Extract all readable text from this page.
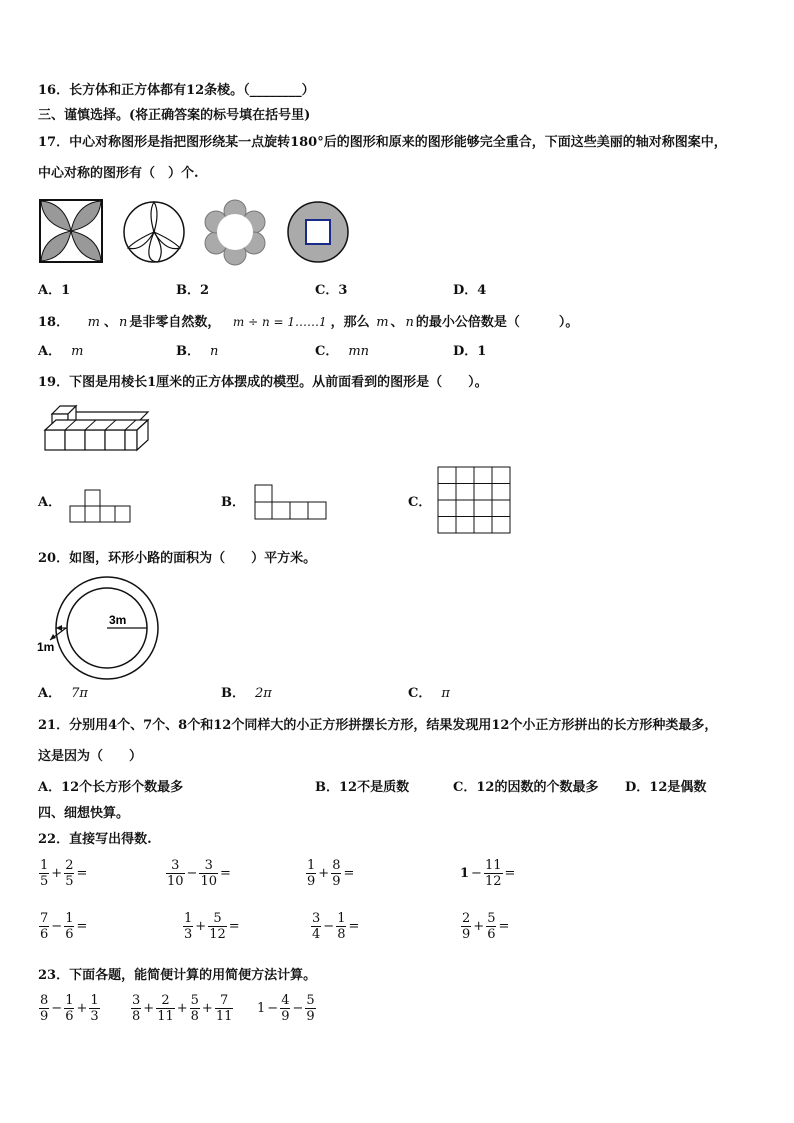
16．长方体和正方体都有12条棱。（________）
三、谨慎选择。(将正确答案的标号填在括号里)
17．中心对称图形是指把图形绕某一点旋转180°后的图形和原来的图形能够完全重合，下面这些美丽的轴对称图案中，
中心对称的图形有（　）个.
A．1	B．2	C．3	D．4
18． m 、 n 是非零自然数， m ÷ n = 1……1 ，那么 m 、 n 的最小公倍数是（　　　）。
A． m	B． n	C． mn	D．1
19．下图是用棱长1厘米的正方体摆成的模型。从前面看到的图形是（　　）。
A．	B．	C．
20．如图，环形小路的面积为（　　）平方米。
3m
1m
A． 7π	B． 2π	C． π
21．分别用4个、7个、8个和12个同样大的小正方形拼摆长方形，结果发现用12个小正方形拼出的长方形种类最多，
这是因为（　　）
A．12个长方形个数最多	B．12不是质数	C．12的因数的个数最多 D．12是偶数
四、细想快算。
22．直接写出得数.
$\frac{1}{5} + \frac{2}{5}$ =	$\frac{3}{10} - \frac{3}{10}$ =	$\frac{1}{9} + \frac{8}{9}$ =	$1 - \frac{11}{12}$ =
$\frac{7}{6} - \frac{1}{6}$ =	$\frac{1}{3} + \frac{5}{12}$ =	$\frac{3}{4} - \frac{1}{8}$ =	$\frac{2}{9} + \frac{5}{6}$ =
23．下面各题，能简便计算的用简便方法计算。
$\frac{8}{9} - \frac{1}{6} + \frac{1}{3} \frac{3}{8} + \frac{2}{11} + \frac{5}{8} + \frac{7}{11} 1 - \frac{4}{9} - \frac{5}{9}$
